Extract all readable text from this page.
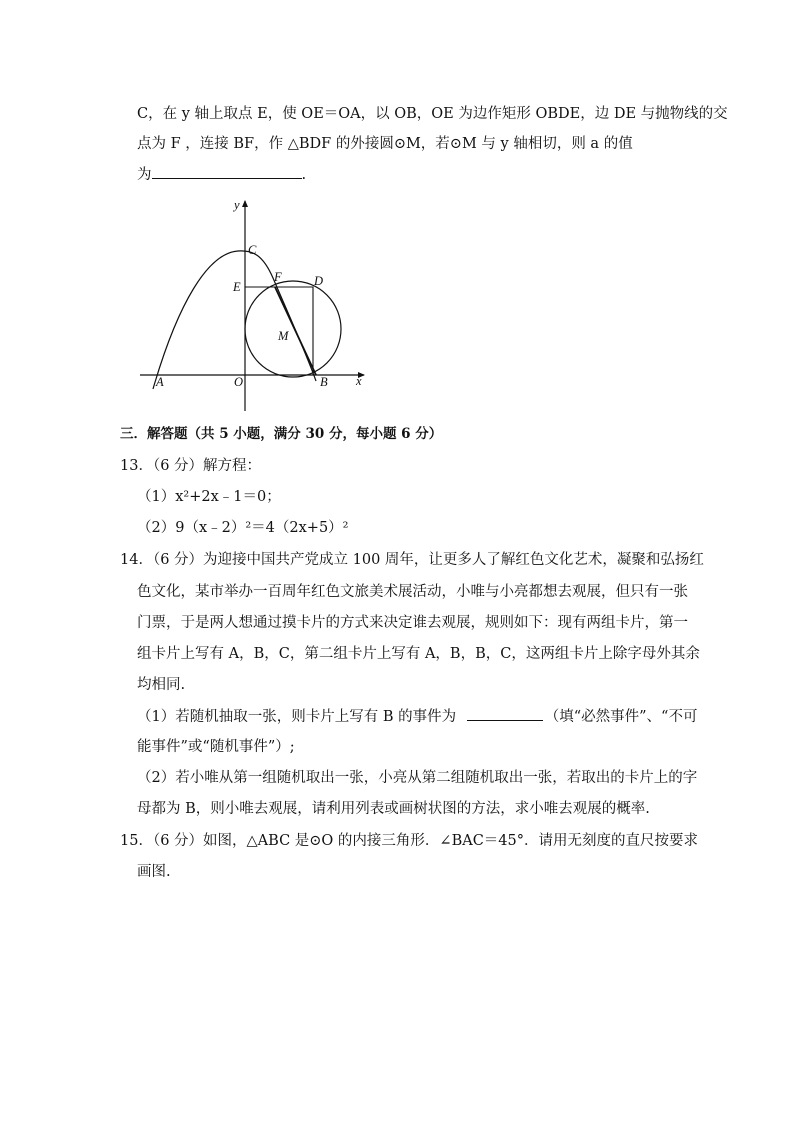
C，在 y 轴上取点 E，使 OE＝OA，以 OB，OE 为边作矩形 OBDE，边 DE 与抛物线的交
点为 F ，连接 BF，作 △BDF 的外接圆⊙M，若⊙M 与 y 轴相切，则 a 的值
为	.
y
x
C
E
F	D
M
A	O	B
三．解答题（共 5 小题，满分 30 分，每小题 6 分）
13．（6 分）解方程：
（1）x²+2x﹣1＝0；
（2）9（x﹣2）²＝4（2x+5）²
14．（6 分）为迎接中国共产党成立 100 周年，让更多人了解红色文化艺术，凝聚和弘扬红
色文化，某市举办一百周年红色文旅美术展活动，小唯与小亮都想去观展，但只有一张
门票，于是两人想通过摸卡片的方式来决定谁去观展，规则如下：现有两组卡片，第一
组卡片上写有 A，B，C，第二组卡片上写有 A，B，B，C，这两组卡片上除字母外其余
均相同.
（1）若随机抽取一张，则卡片上写有 B 的事件为	（填“必然事件”、“不可
能事件”或“随机事件”）;
（2）若小唯从第一组随机取出一张，小亮从第二组随机取出一张，若取出的卡片上的字
母都为 B，则小唯去观展，请利用列表或画树状图的方法，求小唯去观展的概率.
15．（6 分）如图，△ABC 是⊙O 的内接三角形．∠BAC＝45°．请用无刻度的直尺按要求
画图.
